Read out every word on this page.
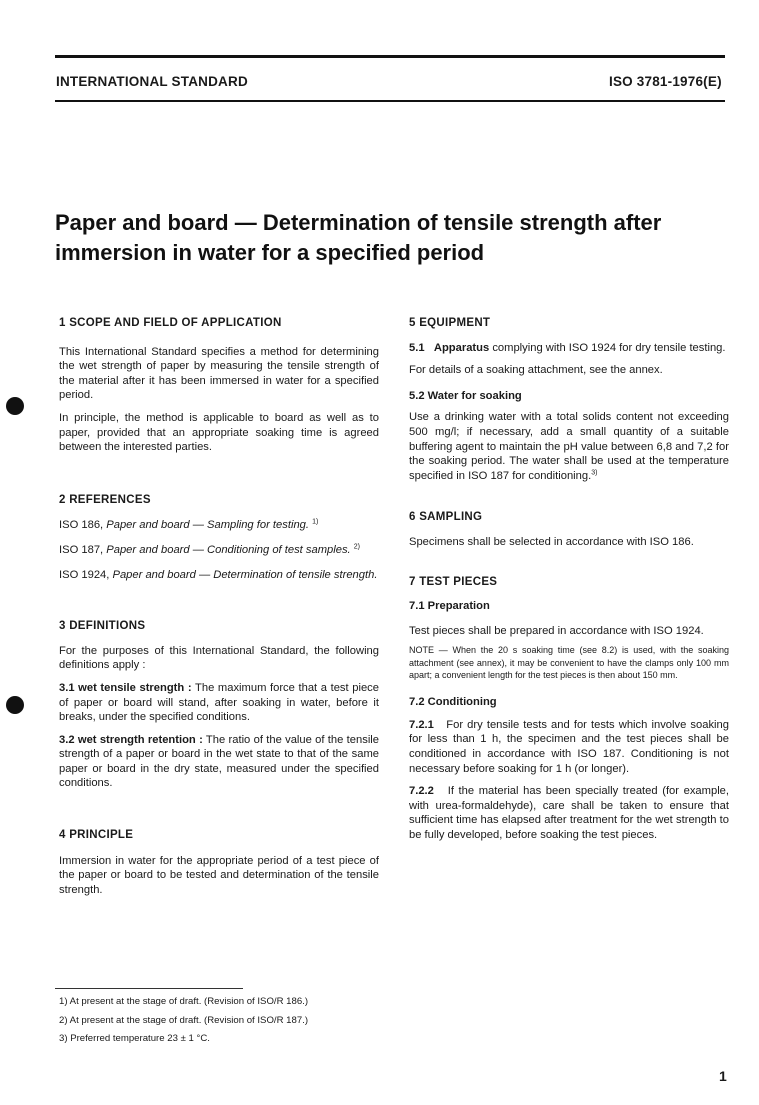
INTERNATIONAL STANDARD	ISO 3781-1976(E)
Paper and board — Determination of tensile strength after
immersion in water for a specified period

1 SCOPE AND FIELD OF APPLICATION

This International Standard specifies a method for determining the wet strength of paper by measuring the tensile strength of the material after it has been immersed in water for a specified period.

In principle, the method is applicable to board as well as to paper, provided that an appropriate soaking time is agreed between the interested parties.

2 REFERENCES

ISO 186, Paper and board — Sampling for testing. $^{1)}$

ISO 187, Paper and board — Conditioning of test samples. $^{2)}$

ISO 1924, Paper and board — Determination of tensile strength.

3 DEFINITIONS

For the purposes of this International Standard, the following definitions apply :

3.1 wet tensile strength : The maximum force that a test piece of paper or board will stand, after soaking in water, before it breaks, under the specified conditions.

3.2 wet strength retention : The ratio of the value of the tensile strength of a paper or board in the wet state to that of the same paper or board in the dry state, measured under the specified conditions.

4 PRINCIPLE

Immersion in water for the appropriate period of a test piece of the paper or board to be tested and determination of the tensile strength.

5 EQUIPMENT

5.1 Apparatus complying with ISO 1924 for dry tensile testing.

For details of a soaking attachment, see the annex.

5.2 Water for soaking

Use a drinking water with a total solids content not exceeding 500 mg/l; if necessary, add a small quantity of a suitable buffering agent to maintain the pH value between 6,8 and 7,2 for the soaking period. The water shall be used at the temperature specified in ISO 187 for conditioning.$^{3)}$

6 SAMPLING

Specimens shall be selected in accordance with ISO 186.

7 TEST PIECES

7.1 Preparation

Test pieces shall be prepared in accordance with ISO 1924.

NOTE — When the 20 s soaking time (see 8.2) is used, with the soaking attachment (see annex), it may be convenient to have the clamps only 100 mm apart; a convenient length for the test pieces is then about 150 mm.

7.2 Conditioning

7.2.1 For dry tensile tests and for tests which involve soaking for less than 1 h, the specimen and the test pieces shall be conditioned in accordance with ISO 187. Conditioning is not necessary before soaking for 1 h (or longer).

7.2.2 If the material has been specially treated (for example, with urea-formaldehyde), care shall be taken to ensure that sufficient time has elapsed after treatment for the wet strength to be fully developed, before soaking the test pieces.

1) At present at the stage of draft. (Revision of ISO/R 186.)
2) At present at the stage of draft. (Revision of ISO/R 187.)
3) Preferred temperature 23 ± 1 °C.
1
